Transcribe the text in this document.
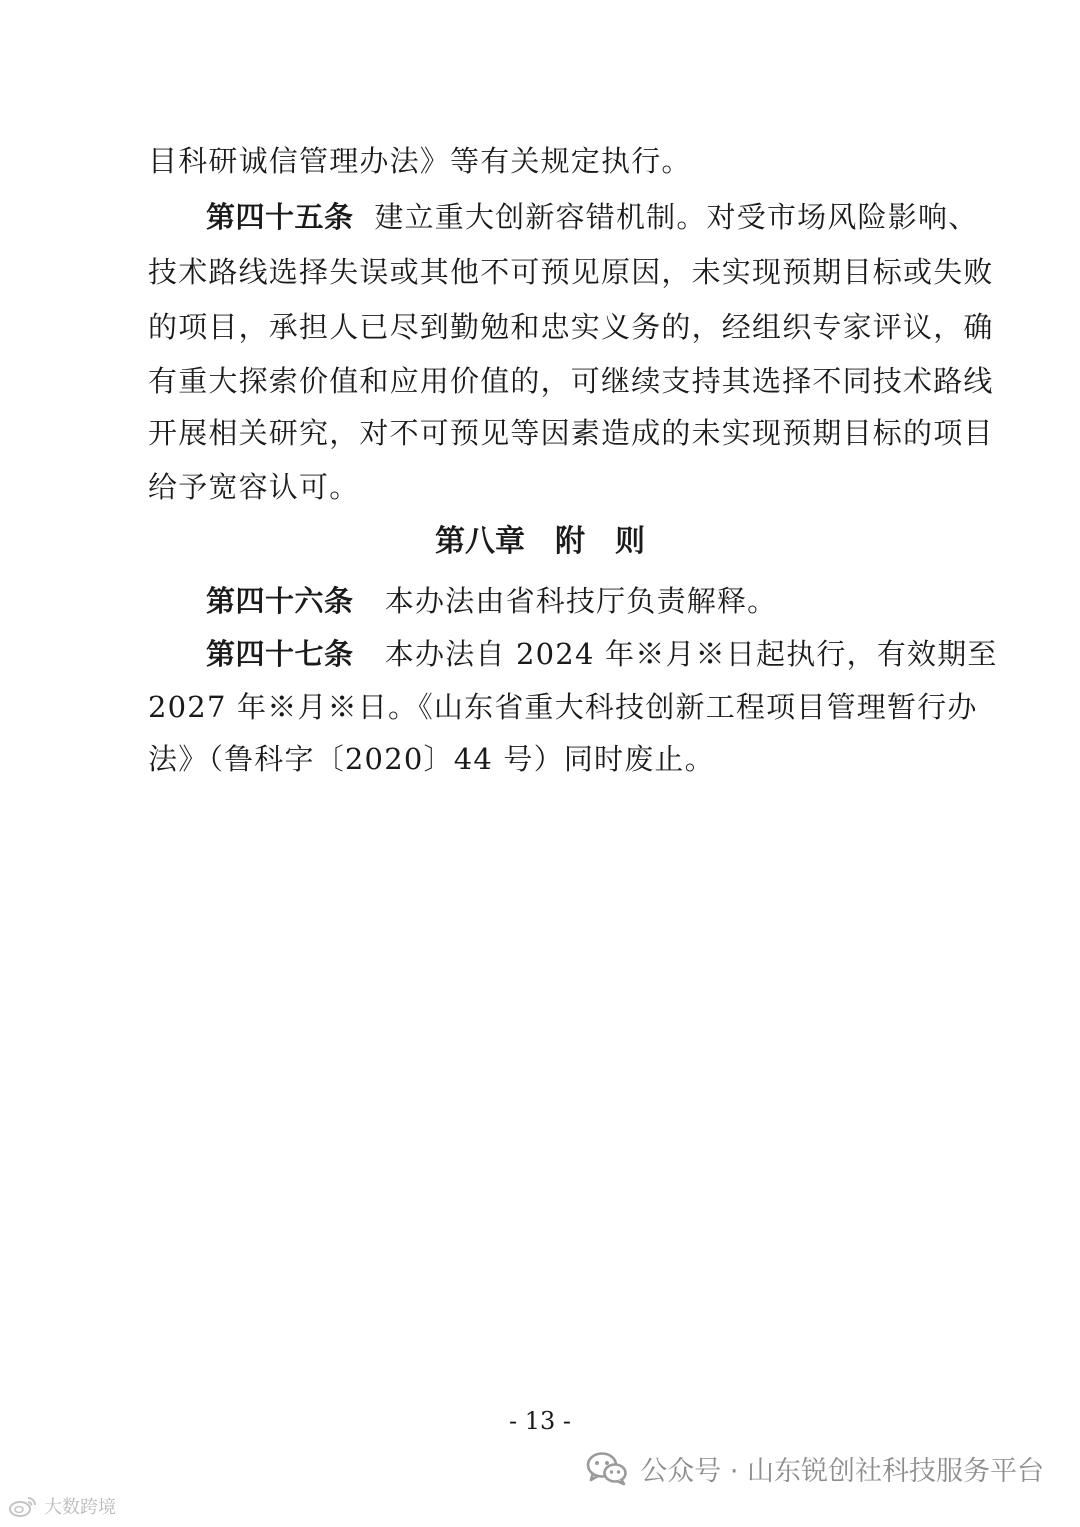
目科研诚信管理办法》等有关规定执行。
第四十五条 建立重大创新容错机制。对受市场风险影响、
技术路线选择失误或其他不可预见原因，未实现预期目标或失败
的项目，承担人已尽到勤勉和忠实义务的，经组织专家评议，确
有重大探索价值和应用价值的，可继续支持其选择不同技术路线
开展相关研究，对不可预见等因素造成的未实现预期目标的项目
给予宽容认可。
第八章　附　则
第四十六条 本办法由省科技厅负责解释。
第四十七条 本办法自 2024 年※月※日起执行，有效期至
2027 年※月※日。《山东省重大科技创新工程项目管理暂行办
法》（鲁科字〔2020〕44 号）同时废止。
- 13 -
公众号 · 山东锐创社科技服务平台
大数跨境
